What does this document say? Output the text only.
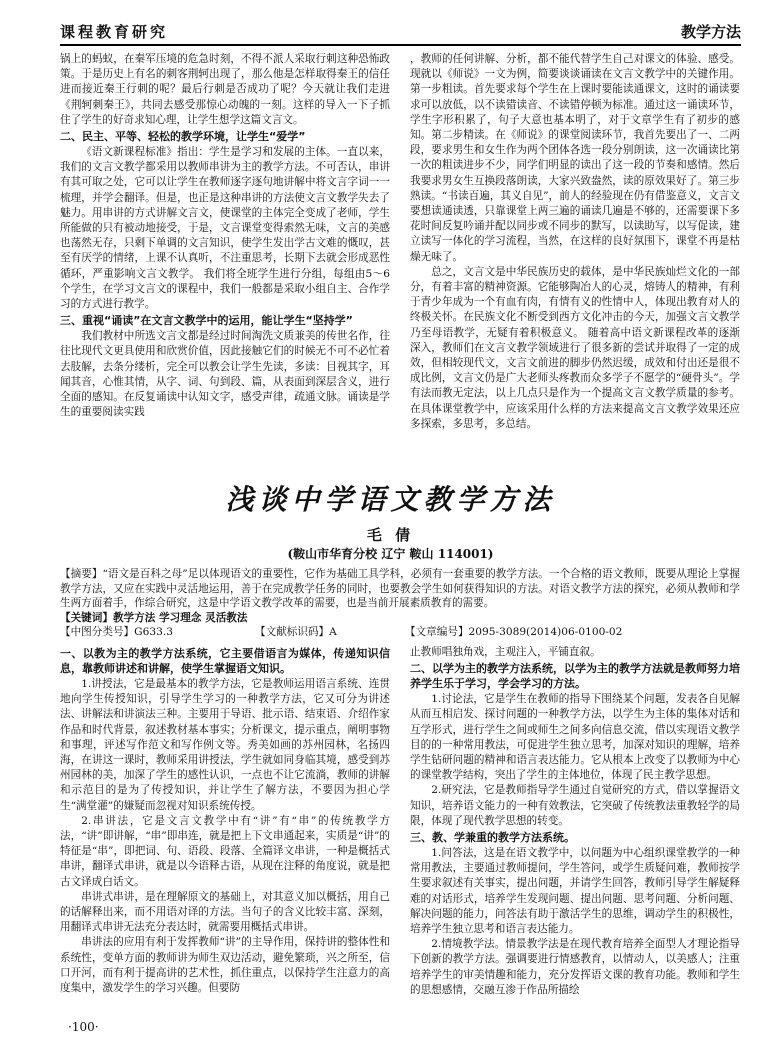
课程教育研究	教学方法

锅上的蚂蚁，在秦军压境的危急时刻，不得不派人采取行刺这种恐怖政策。于是历史上有名的刺客荆轲出现了，那么他是怎样取得秦王的信任进而接近秦王行刺的呢？最后行刺是否成功了呢？今天就让我们走进《荆轲刺秦王》，共同去感受那惊心动魄的一刻。这样的导入一下子抓住了学生的好奇求知心理，让学生想学这篇文言文。

二、民主、平等、轻松的教学环境，让学生“爱学”

《语文新课程标准》指出：学生是学习和发展的主体。一直以来，我们的文言文教学都采用以教师串讲为主的教学方法。不可否认，串讲有其可取之处，它可以让学生在教师逐字逐句地讲解中将文言字词一一梳理，并学会翻译。但是，也正是这种串讲的方法使文言文教学失去了魅力。用串讲的方式讲解文言文，使课堂的主体完全变成了老师，学生所能做的只有被动地接受，于是，文言课堂变得索然无味，文言的美感也荡然无存，只剩下单调的文言知识，使学生发出学古文难的慨叹，甚至有厌学的情绪，上课不认真听，不注重思考，长期下去就会形成恶性循环，严重影响文言文教学。 我们将全班学生进行分组，每组由5～6个学生，在学习文言文的课程中，我们一般都是采取小组自主、合作学习的方式进行教学。

三、重视“诵读”在文言文教学中的运用，能让学生“坚持学”

我们教材中所选文言文都是经过时间淘洗文质兼美的传世名作，往往比现代文更具使用和欣赏价值，因此接触它们的时候无不可不必忙着去肢解，去条分缕析，完全可以教会让学生先读，多读：目视其字，耳闻其音，心惟其情，从字、词、句到段、篇，从表面到深层含义，进行全面的感知。在反复诵读中认知文字，感受声律，疏通文脉。诵读是学生的重要阅读实践

，教师的任何讲解、分析，都不能代替学生自己对课文的体验、感受。现就以《师说》一文为例，简要谈谈诵读在文言文教学中的关键作用。 第一步粗读。首先要求每个学生在上课时要能读通课文，这时的诵读要求可以放低，以不读错读音、不读错停顿为标准。通过这一诵读环节，学生字形积累了，句子大意也基本明了，对于文章学生有了初步的感知。第二步精读。在《师说》的课堂阅读环节，我首先要出了一、二两段，要求男生和女生作为两个团体各选一段分别朗读，这一次诵读比第一次的粗读进步不少，同学们明显的读出了这一段的节奏和感情。然后我要求男女生互换段落朗读，大家兴致盎然，读的原效果好了。第三步熟读。“书读百遍，其义自见”，前人的经验现在仍有借鉴意义，文言文要想读通读透，只靠课堂上两三遍的诵读几遍是不够的，还需要课下多花时间反复吟诵并配以同步或不同步的默写，以读助写，以写促读，建立读写一体化的学习流程，当然，在这样的良好氛围下，课堂不再是枯燥无味了。

总之，文言文是中华民族历史的载体，是中华民族灿烂文化的一部分，有着丰富的精神资源。它能够陶冶人的心灵，熔铸人的精神，有利于青少年成为一个有血有肉，有情有义的性情中人，体现出教育对人的终极关怀。在民族文化不断受到西方文化冲击的今天，加强文言文教学乃至母语教学，无疑有着积极意义。 随着高中语文新课程改革的逐渐深入，教师们在文言文教学领域进行了很多新的尝试并取得了一定的成效，但相较现代文，文言文前进的脚步仍然迟缓，成效和付出还是很不成比例，文言文仍是广大老师头疼教而众多学子不愿学的“硬骨头”。学有法而教无定法，以上几点只是作为一个提高文言文教学质量的参考。在具体课堂教学中，应该采用什么样的方法来提高文言文教学效果还应多探索，多思考，多总结。

浅谈中学语文教学方法
毛 倩
(鞍山市华育分校 辽宁 鞍山 114001)

【摘要】“语文是百科之母”足以体现语文的重要性，它作为基础工具学科，必须有一套重要的教学方法。一个合格的语文教师，既要从理论上掌握教学方法，又应在实践中灵活地运用，善于在完成教学任务的同时，也要教会学生如何获得知识的方法。对语文教学方法的探究，必须从教师和学生两方面着手，作综合研究，这是中学语文教学改革的需要，也是当前开展素质教育的需要。

【关键词】教学方法 学习理念 灵活教法

【中图分类号】G633.3	【文献标识码】A	【文章编号】2095-3089(2014)06-0100-02
一、以教为主的教学方法系统，它主要借语言为媒体，传递知识信息，靠教师讲述和讲解，使学生掌握语文知识。

1.讲授法，它是最基本的教学方法，它是教师运用语言系统、连贯地向学生传授知识，引导学生学习的一种教学方法，它又可分为讲述法、讲解法和讲演法三种。主要用于导语、批示语、结束语、介绍作家作品和时代背景，叙述教材基本事实；分析课文，提示重点，阐明事物和事理，评述写作范文和写作例文等。秀美如画的苏州园林，名扬四海，在讲这一课时，教师采用讲授法，学生就如同身临其境，感受到苏州园林的美，加深了学生的感性认识，一点也不让它流淌，教师的讲解和示范目的是为了传授知识，并让学生了解方法，不要因为担心学生“满堂灌”的嫌疑而忽视对知识系统传授。

2.串讲法，它是文言文教学中有“讲”有“串”的传统教学方法，“讲”即讲解，“串”即串连，就是把上下文串通起来，实质是“讲”的特征是“串”，即把词、句、语段、段落、全篇译文串讲，一种是概括式串讲，翻译式串讲，就是以今语释古语，从现在注释的角度说，就是把古文译成白话文。

串讲式串讲，是在理解原文的基础上，对其意义加以概括，用自己的话解释出来，而不用语对译的方法。当句子的含义比较丰富、深刻，用翻译式串讲无法充分表达时，就需要用概括式串讲。

串讲法的应用有利于发挥教师“讲”的主导作用，保持讲的整体性和系统性，变单方面的教师讲为师生双边活动，避免繁琐，兴之所至，信口开河，而有利于提高讲的艺术性，抓住重点，以保持学生注意力的高度集中，激发学生的学习兴趣。但要防

止教师唱独角戏，主观注入，平铺直叙。

二、以学为主的教学方法系统，以学为主的教学方法就是教师努力培养学生乐于学习，学会学习的方法。

1.讨论法，它是学生在教师的指导下围绕某个问题，发表各自见解从而互相启发、探讨问题的一种教学方法，以学生为主体的集体对话和互学形式，进行学生之间或师生之间多向信息交流，借以实现语文教学目的的一种常用教法，可促进学生独立思考，加深对知识的理解，培养学生钻研问题的精神和语言表达能力。它从根本上改变了以教师为中心的课堂教学结构，突出了学生的主体地位，体现了民主教学思想。

2.研究法，它是教师指导学生通过自觉研究的方式，借以掌握语文知识，培养语文能力的一种有效教法，它突破了传统教法重教轻学的局限，体现了现代教学思想的转变。

三、教、学兼重的教学方法系统。

1.问答法，这是在语文教学中，以问题为中心组织课堂教学的一种常用教法，主要通过教师提问，学生答问，或学生质疑问难，教师按学生要求叙述有关事实，提出问题，并请学生回答，教师引导学生解疑释难的对话形式，培养学生发现问题、提出问题、思考问题、分析问题、解决问题的能力，问答法有助于激活学生的思维，调动学生的积极性，培养学生独立思考和语言表达能力。

2.情境教学法。情景教学法是在现代教育培养全面型人才理论指导下创新的教学方法。强调要进行情感教育，以情动人，以美感人；注重培养学生的审美情趣和能力，充分发挥语文课的教育功能。教师和学生的思想感情，交融互渗于作品所描绘

·100·
